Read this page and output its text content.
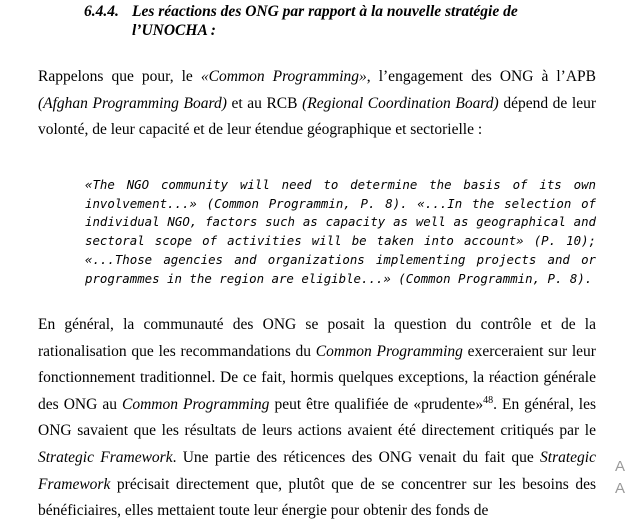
6.4.4. Les réactions des ONG par rapport à la nouvelle stratégie de
l’UNOCHA :
Rappelons que pour, le «Common Programming», l’engagement des ONG à l’APB (Afghan Programming Board) et au RCB (Regional Coordination Board) dépend de leur volonté, de leur capacité et de leur étendue géographique et sectorielle :
«The NGO community will need to determine the basis of its own involvement...» (Common Programmin, P. 8). «...In the selection of individual NGO, factors such as capacity as well as geographical and sectoral scope of activities will be taken into account» (P. 10); «...Those agencies and organizations implementing projects and or programmes in the region are eligible...» (Common Programmin, P. 8).
En général, la communauté des ONG se posait la question du contrôle et de la rationalisation que les recommandations du Common Programming exerceraient sur leur fonctionnement traditionnel. De ce fait, hormis quelques exceptions, la réaction générale des ONG au Common Programming peut être qualifiée de «prudente»$^{48}$. En général, les ONG savaient que les résultats de leurs actions avaient été directement critiqués par le Strategic Framework. Une partie des réticences des ONG venait du fait que Strategic Framework précisait directement que, plutôt que de se concentrer sur les besoins des bénéficiaires, elles mettaient toute leur énergie pour obtenir des fonds de
A
A
